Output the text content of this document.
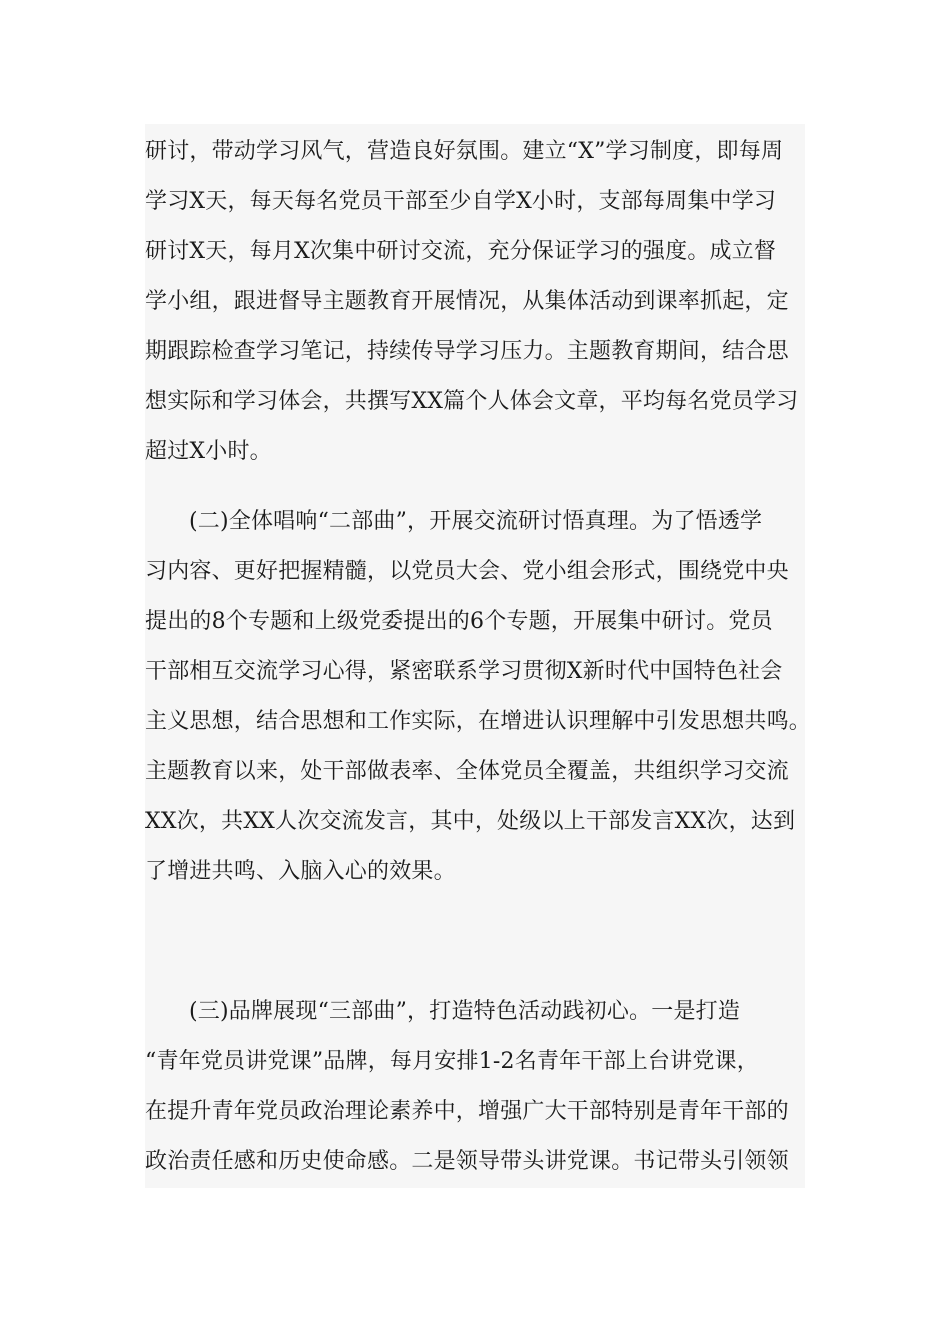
研讨，带动学习风气，营造良好氛围。建立“X”学习制度，即每周
学习X天，每天每名党员干部至少自学X小时，支部每周集中学习
研讨X天，每月X次集中研讨交流，充分保证学习的强度。成立督
学小组，跟进督导主题教育开展情况，从集体活动到课率抓起，定
期跟踪检查学习笔记，持续传导学习压力。主题教育期间，结合思
想实际和学习体会，共撰写XX篇个人体会文章，平均每名党员学习
超过X小时。
(二)全体唱响“二部曲”，开展交流研讨悟真理。为了悟透学
习内容、更好把握精髓，以党员大会、党小组会形式，围绕党中央
提出的8个专题和上级党委提出的6个专题，开展集中研讨。党员
干部相互交流学习心得，紧密联系学习贯彻X新时代中国特色社会
主义思想，结合思想和工作实际，在增进认识理解中引发思想共鸣。
主题教育以来，处干部做表率、全体党员全覆盖，共组织学习交流
XX次，共XX人次交流发言，其中，处级以上干部发言XX次，达到
了增进共鸣、入脑入心的效果。
(三)品牌展现“三部曲”，打造特色活动践初心。一是打造
“青年党员讲党课”品牌，每月安排1-2名青年干部上台讲党课，
在提升青年党员政治理论素养中，增强广大干部特别是青年干部的
政治责任感和历史使命感。二是领导带头讲党课。书记带头引领领
